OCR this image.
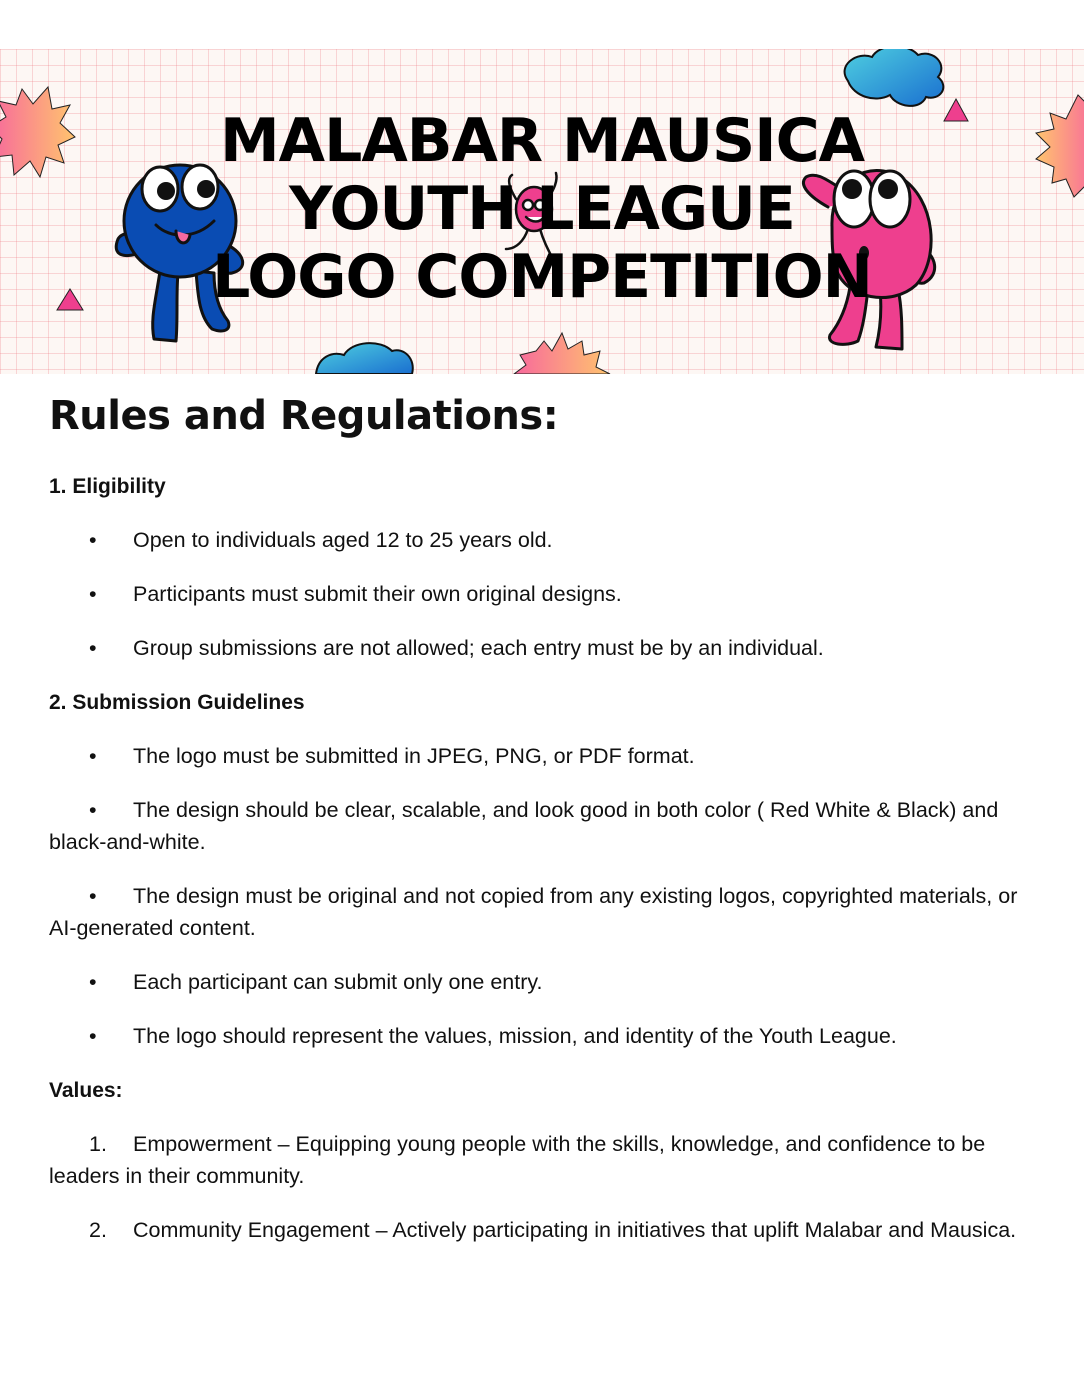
MALABAR MAUSICA
YOUTH LEAGUE
LOGO COMPETITION
Rules and Regulations:
1. Eligibility

• Open to individuals aged 12 to 25 years old.

• Participants must submit their own original designs.

• Group submissions are not allowed; each entry must be by an individual.

2. Submission Guidelines

• The logo must be submitted in JPEG, PNG, or PDF format.

• The design should be clear, scalable, and look good in both color ( Red White & Black) and black-and-white.

• The design must be original and not copied from any existing logos, copyrighted materials, or AI-generated content.

• Each participant can submit only one entry.

• The logo should represent the values, mission, and identity of the Youth League.

Values:

1. Empowerment – Equipping young people with the skills, knowledge, and confidence to be leaders in their community.

2. Community Engagement – Actively participating in initiatives that uplift Malabar and Mausica.
